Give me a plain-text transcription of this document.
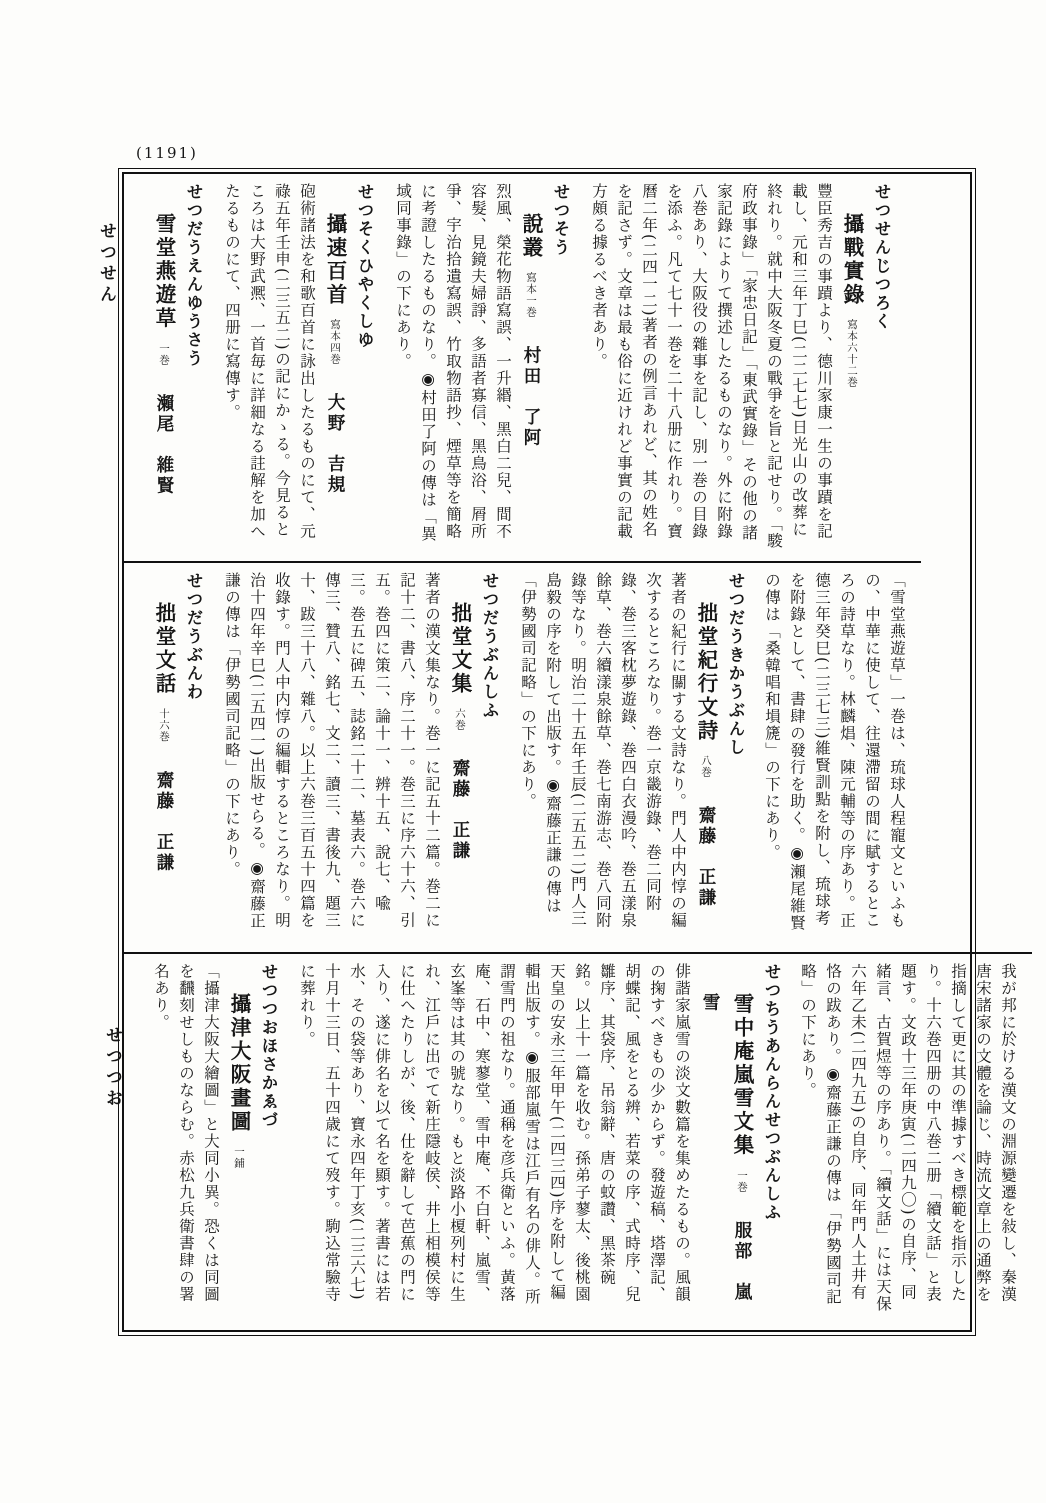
(1191)
せつせん
せつつお
せつせんじつろく
攝戰實錄寫本六十二巻

豐臣秀吉の事蹟より、德川家康一生の事蹟を記載し、元和三年丁巳(二二七七)日光山の改葬に終れり。就中大阪冬夏の戰爭を旨と記せり。「駿府政事錄」「家忠日記」「東武實錄」その他の諸家記錄によりて撰述したるものなり。外に附錄八巻あり、大阪役の雜事を記し、別一巻の目錄を添ふ。凡て七十一巻を二十八册に作れり。寶曆二年(二四一二)著者の例言あれど、其の姓名を記さず。文章は最も俗に近けれど事實の記載方頗る據るべき者あり。

せつそう
說叢寫本一巻村田　了阿

烈風、榮花物語寫誤、一升緡、黑白二兒、間不容髮、見鏡夫婦諍、多語者寡信、黑鳥浴、屑所爭、宇治拾遺寫誤、竹取物語抄、煙草等を簡略に考證したるものなり。◉村田了阿の傳は「異域同事錄」の下にあり。

せつそくひやくしゆ
攝速百首寫本四巻大野　吉規

砲術諸法を和歌百首に詠出したるものにて、元祿五年壬申(二三五二)の記にかゝる。今見るところは大野武凞、一首毎に詳細なる註解を加へたるものにて、四册に寫傳す。

せつだうえんゆうさう
雪堂燕遊草一巻瀨尾　維賢

「雪堂燕遊草」一巻は、琉球人程寵文といふもの、中華に使して、往還滯留の間に賦するところの詩草なり。林麟焻、陳元輔等の序あり。正德三年癸巳(二三七三)維賢訓點を附し、琉球考を附錄として、書肆の發行を助く。◉瀨尾維賢の傳は「桑韓唱和塤篪」の下にあり。

せつだうきかうぶんし
拙堂紀行文詩八巻齋藤　正謙

著者の紀行に關する文詩なり。門人中内惇の編次するところなり。巻一京畿游錄、巻二同附錄、巻三客枕夢遊錄、巻四白衣漫吟、巻五漾泉餘草、巻六續漾泉餘草、巻七南游志、巻八同附錄等なり。明治二十五年壬辰(二五五二)門人三島毅の序を附して出版す。◉齋藤正謙の傳は「伊勢國司記略」の下にあり。

せつだうぶんしふ
拙堂文集六巻齋藤　正謙

著者の漢文集なり。巻一に記五十二篇。巻二に記十二、書八、序二十一。巻三に序六十六、引五。巻四に策二、論十一、辨十五、說七、喩三。巻五に碑五、誌銘二十二、墓表六。巻六に傳三、贊八、銘七、文二、讀三、書後九、題三十、跋三十八、雜八。以上六巻三百五十四篇を收錄す。門人中内惇の編輯するところなり。明治十四年辛巳(二五四一)出版せらる。◉齋藤正謙の傳は「伊勢國司記略」の下にあり。

せつだうぶんわ
拙堂文話十六巻齋藤　正謙

我が邦に於ける漢文の淵源變遷を敍し、秦漢唐宋諸家の文體を論じ、時流文章上の通弊を指摘して更に其の準據すべき標範を指示したり。十六巻四册の中八巻二册「續文話」と表題す。文政十三年庚寅(二四九〇)の自序、同緒言、古賀煜等の序あり。「續文話」には天保六年乙未(二四九五)の自序、同年門人土井有恪の跋あり。◉齋藤正謙の傳は「伊勢國司記略」の下にあり。

せつちうあんらんせつぶんしふ
雪中庵嵐雪文集一巻服部　嵐雪

俳諧家嵐雪の淡文數篇を集めたるもの。風韻の掬すべきもの少からず。發遊稿、塔澤記、胡蝶記、風をとる辨、若菜の序、式時序、兒雛序、其袋序、吊翁辭、唐の蚊讚、黑茶碗銘。以上十一篇を收む。孫弟子蓼太、後桃園天皇の安永三年甲午(二四三四)序を附して編輯出版す。◉服部嵐雪は江戶有名の俳人。所謂雪門の祖なり。通稱を彦兵衛といふ。黃落庵、石中、寒蓼堂、雪中庵、不白軒、嵐雪、玄峯等は其の號なり。もと淡路小榎列村に生れ、江戶に出でて新庄隱岐侯、井上相模侯等に仕へたりしが、後、仕を辭して芭蕉の門に入り、遂に俳名を以て名を顯す。著書には若水、その袋等あり、寶永四年丁亥(二三六七)十月十三日、五十四歳にて歿す。駒込常驗寺に葬れり。

せつつおほさかゑづ
攝津大阪畫圖一鋪

「攝津大阪大繪圖」と大同小異。恐くは同圖を飜刻せしものならむ。赤松九兵衛書肆の署名あり。
